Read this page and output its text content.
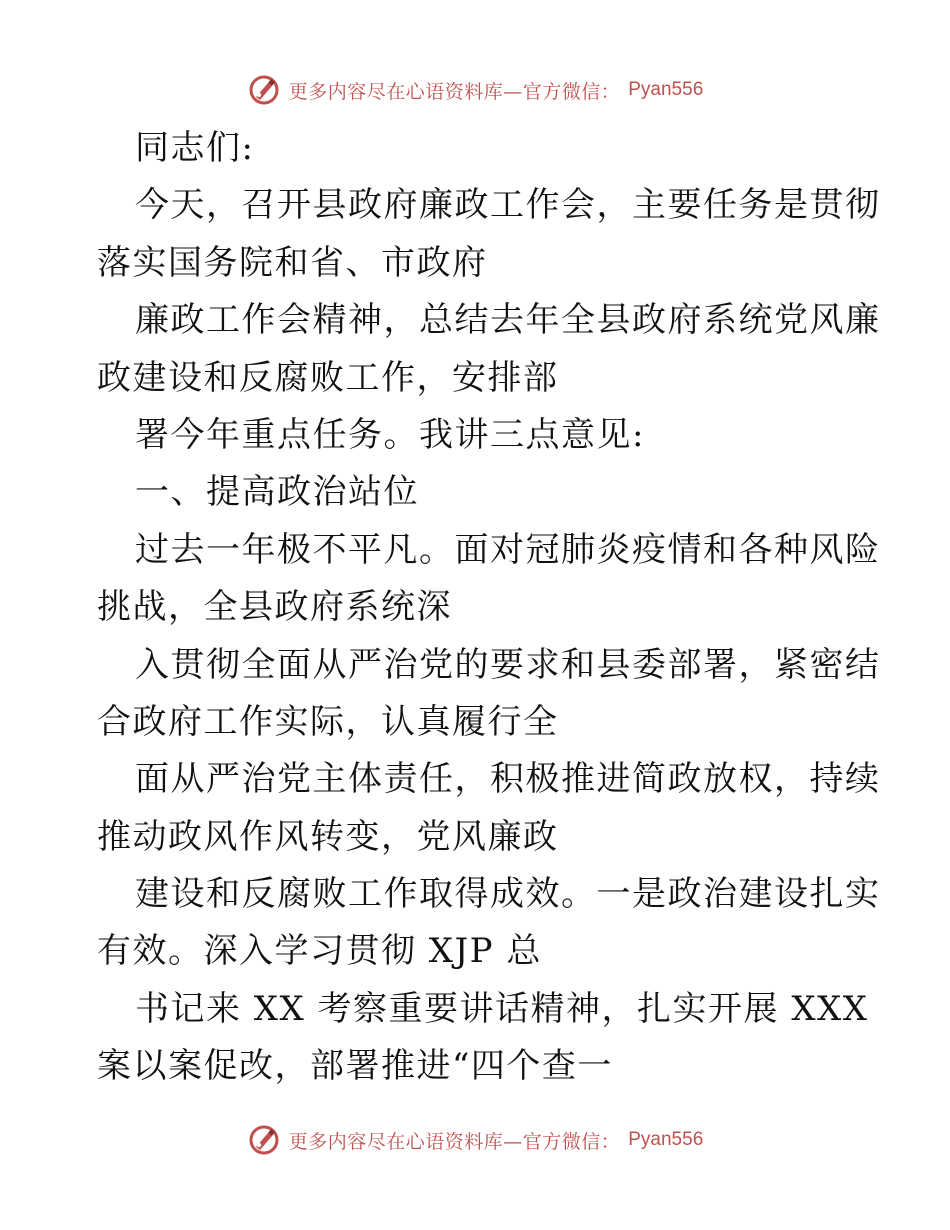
更多内容尽在心语资料库—官方微信： Pyan556
同志们:
今天，召开县政府廉政工作会，主要任务是贯彻
落实国务院和省、市政府
廉政工作会精神，总结去年全县政府系统党风廉
政建设和反腐败工作，安排部
署今年重点任务。我讲三点意见:
一、提高政治站位
过去一年极不平凡。面对冠肺炎疫情和各种风险
挑战，全县政府系统深
入贯彻全面从严治党的要求和县委部署，紧密结
合政府工作实际，认真履行全
面从严治党主体责任，积极推进简政放权，持续
推动政风作风转变，党风廉政
建设和反腐败工作取得成效。一是政治建设扎实
有效。深入学习贯彻 XJP 总
书记来 XX 考察重要讲话精神，扎实开展 XXX
案以案促改，部署推进“四个查一
更多内容尽在心语资料库—官方微信： Pyan556
